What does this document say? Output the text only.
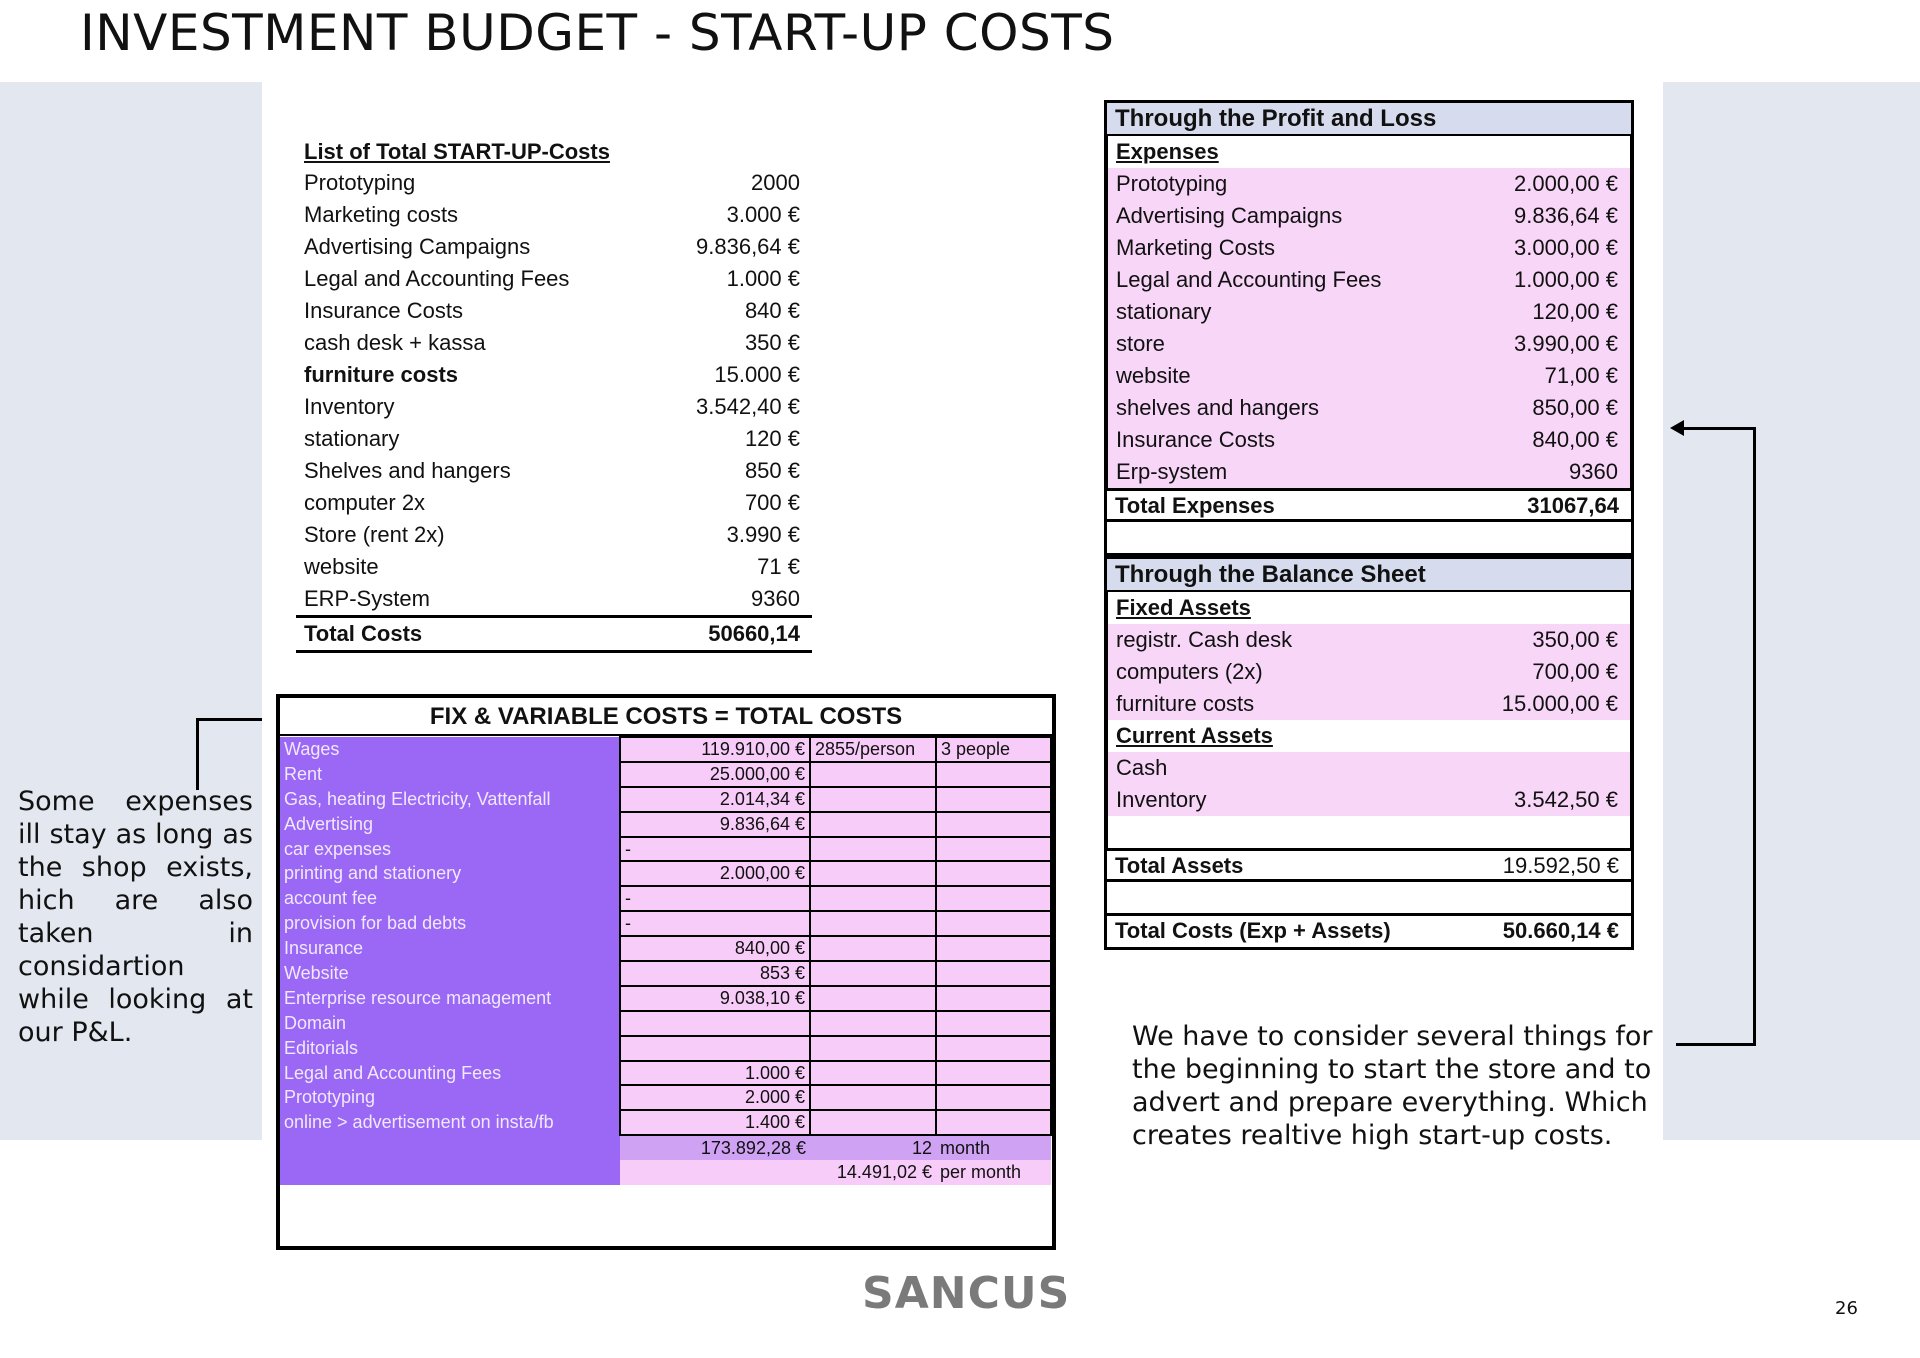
INVESTMENT BUDGET - START-UP COSTS
List of Total START-UP-Costs
Prototyping	2000
Marketing costs	3.000 €
Advertising Campaigns	9.836,64 €
Legal and Accounting Fees	1.000 €
Insurance Costs	840 €
cash desk + kassa	350 €
furniture costs	15.000 €
Inventory	3.542,40 €
stationary	120 €
Shelves and hangers	850 €
computer 2x	700 €
Store (rent 2x)	3.990 €
website	71 €
ERP-System	9360
Total Costs	50660,14
FIX & VARIABLE COSTS = TOTAL COSTS
Wages	119.910,00 €	2855/person	3 people
Rent	25.000,00 €		
Gas, heating Electricity, Vattenfall	2.014,34 €		
Advertising	9.836,64 €		
car expenses	-		
printing and stationery	2.000,00 €		
account fee	-		
provision for bad debts	-		
Insurance	840,00 €		
Website	853 €		
Enterprise resource management	9.038,10 €		
Domain			
Editorials			
Legal and Accounting Fees	1.000 €		
Prototyping	2.000 €		
online > advertisement on insta/fb	1.400 €		
	173.892,28 €	12	month
		14.491,02 €	per month
Through the Profit and Loss
Expenses
Prototyping	2.000,00 €
Advertising Campaigns	9.836,64 €
Marketing Costs	3.000,00 €
Legal and Accounting Fees	1.000,00 €
stationary	120,00 €
store	3.990,00 €
website	71,00 €
shelves and hangers	850,00 €
Insurance Costs	840,00 €
Erp-system	9360
Total Expenses	31067,64
Through the Balance Sheet
Fixed Assets
registr. Cash desk	350,00 €
computers (2x)	700,00 €
furniture costs	15.000,00 €
Current Assets
Cash
Inventory	3.542,50 €
Total Assets	19.592,50 €
Total Costs (Exp + Assets)	50.660,14 €
Some expenses ill stay as long as the shop exists, hich are also taken in considartion while looking at our P&L.	We have to consider several things for the beginning to start the store and to advert and prepare everything. Which creates realtive high start-up costs.
SANCUS	26
